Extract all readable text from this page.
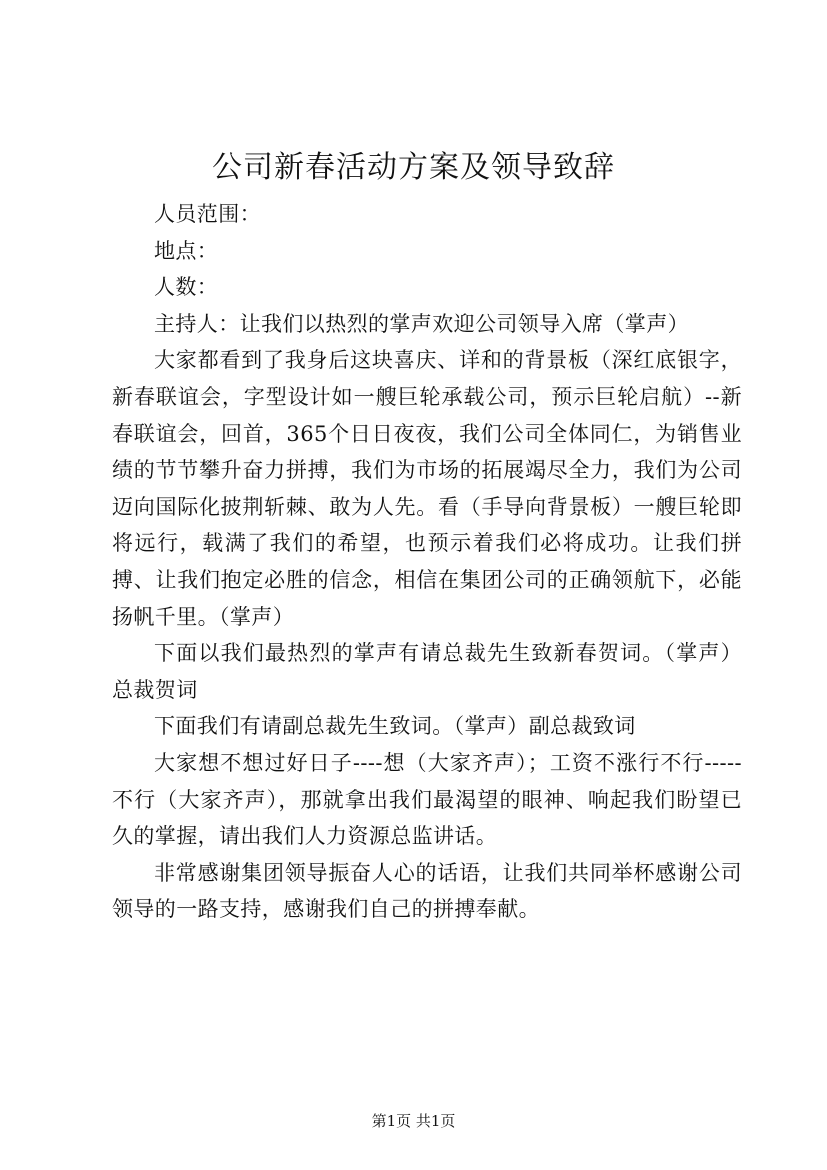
公司新春活动方案及领导致辞

人员范围：

地点：

人数：

主持人：让我们以热烈的掌声欢迎公司领导入席（掌声）

大家都看到了我身后这块喜庆、详和的背景板（深红底银字，新春联谊会，字型设计如一艘巨轮承载公司，预示巨轮启航）--新春联谊会，回首，365个日日夜夜，我们公司全体同仁，为销售业绩的节节攀升奋力拼搏，我们为市场的拓展竭尽全力，我们为公司迈向国际化披荆斩棘、敢为人先。看（手导向背景板）一艘巨轮即将远行，载满了我们的希望，也预示着我们必将成功。让我们拼搏、让我们抱定必胜的信念，相信在集团公司的正确领航下，必能扬帆千里。（掌声）

下面以我们最热烈的掌声有请总裁先生致新春贺词。（掌声）总裁贺词

下面我们有请副总裁先生致词。（掌声）副总裁致词

大家想不想过好日子----想（大家齐声）；工资不涨行不行-----不行（大家齐声），那就拿出我们最渴望的眼神、响起我们盼望已久的掌握，请出我们人力资源总监讲话。

非常感谢集团领导振奋人心的话语，让我们共同举杯感谢公司领导的一路支持，感谢我们自己的拼搏奉献。

第1页 共1页
